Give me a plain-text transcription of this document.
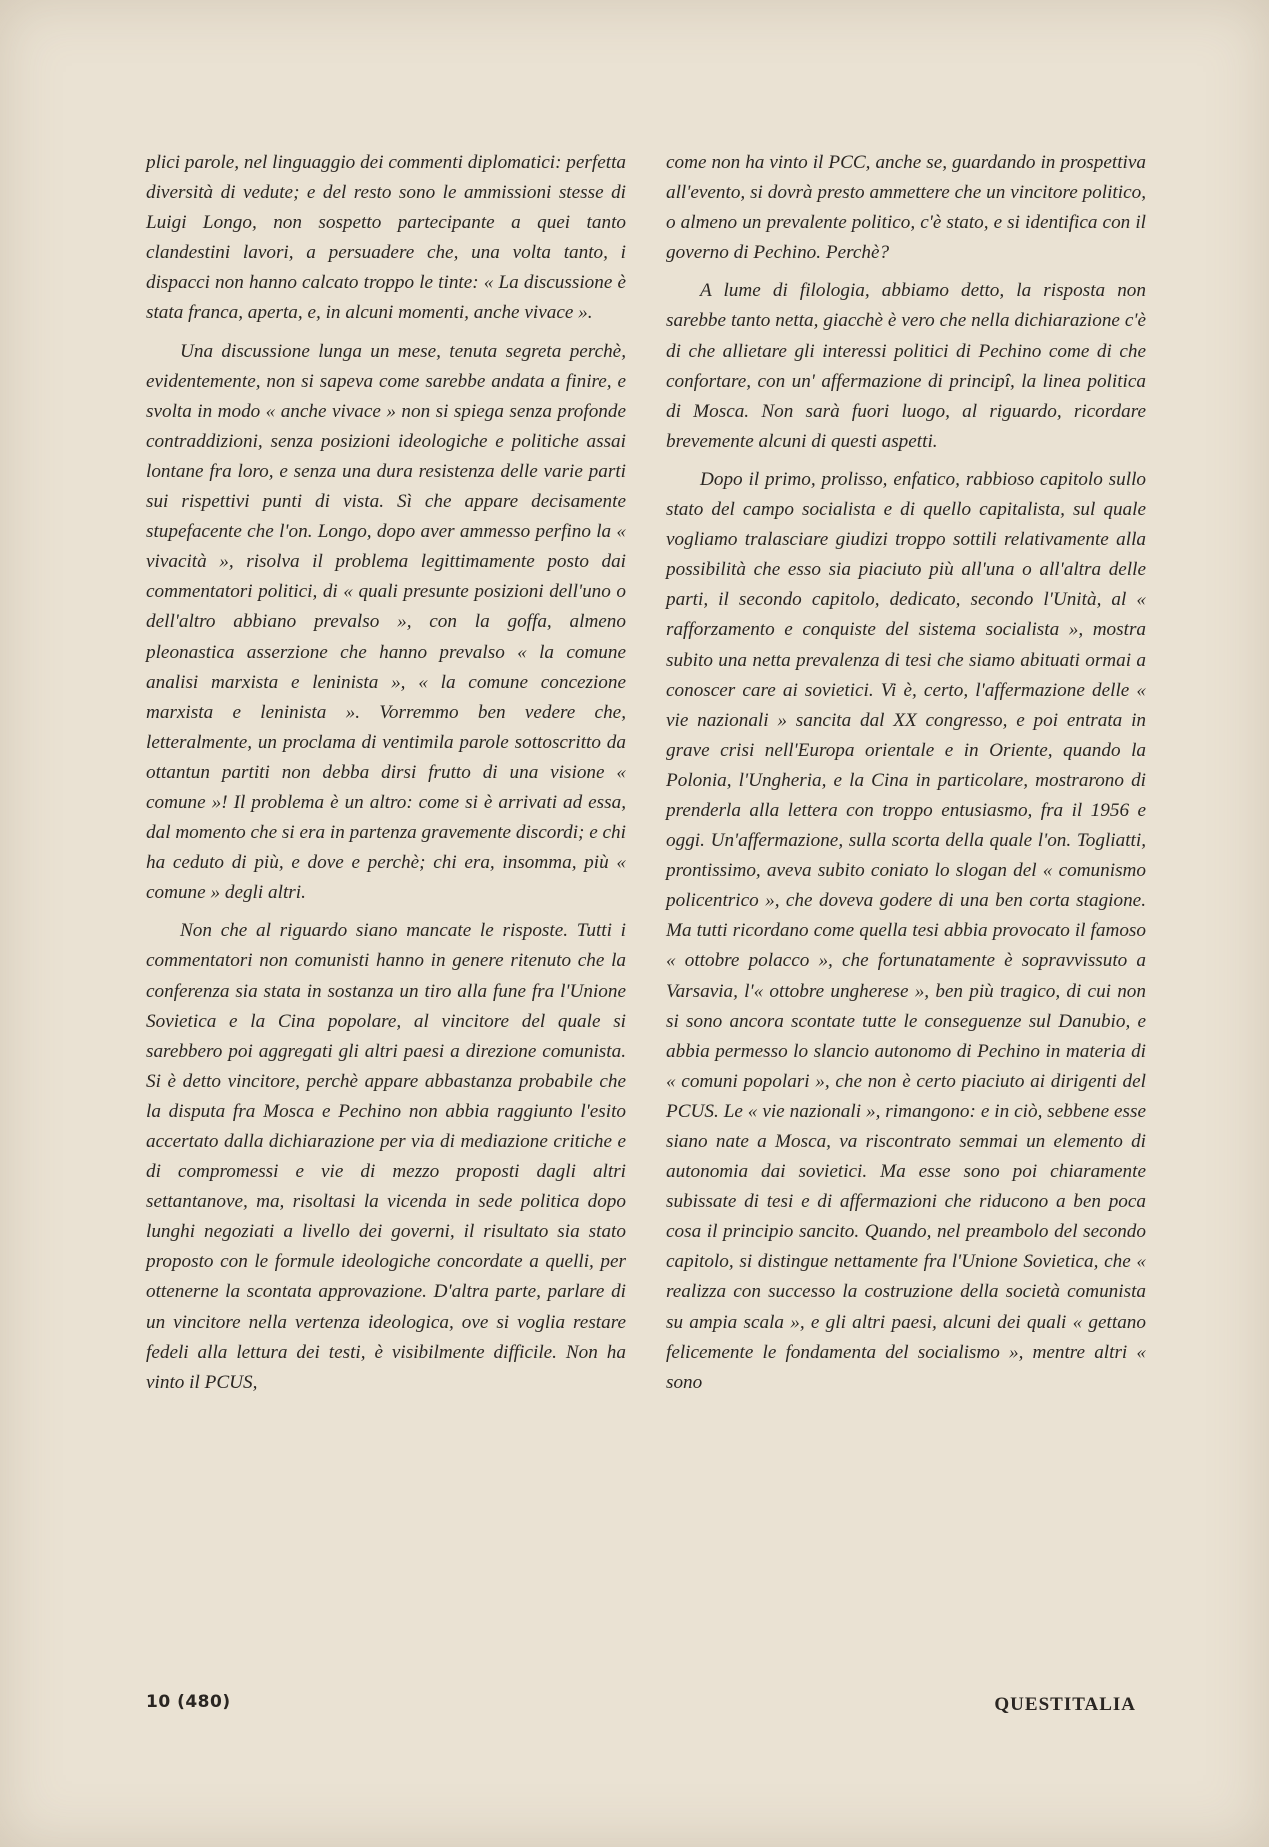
plici parole, nel linguaggio dei commenti diplomatici: perfetta diversità di vedute; e del resto sono le ammissioni stesse di Luigi Longo, non sospetto partecipante a quei tanto clandestini lavori, a persuadere che, una volta tanto, i dispacci non hanno calcato troppo le tinte: « La discussione è stata franca, aperta, e, in alcuni momenti, anche vivace ».

Una discussione lunga un mese, tenuta segreta perchè, evidentemente, non si sapeva come sarebbe andata a finire, e svolta in modo « anche vivace » non si spiega senza profonde contraddizioni, senza posizioni ideologiche e politiche assai lontane fra loro, e senza una dura resistenza delle varie parti sui rispettivi punti di vista. Sì che appare decisamente stupefacente che l'on. Longo, dopo aver ammesso perfino la « vivacità », risolva il problema legittimamente posto dai commentatori politici, di « quali presunte posizioni dell'uno o dell'altro abbiano prevalso », con la goffa, almeno pleonastica asserzione che hanno prevalso « la comune analisi marxista e leninista », « la comune concezione marxista e leninista ». Vorremmo ben vedere che, letteralmente, un proclama di ventimila parole sottoscritto da ottantun partiti non debba dirsi frutto di una visione « comune »! Il problema è un altro: come si è arrivati ad essa, dal momento che si era in partenza gravemente discordi; e chi ha ceduto di più, e dove e perchè; chi era, insomma, più « comune » degli altri.

Non che al riguardo siano mancate le risposte. Tutti i commentatori non comunisti hanno in genere ritenuto che la conferenza sia stata in sostanza un tiro alla fune fra l'Unione Sovietica e la Cina popolare, al vincitore del quale si sarebbero poi aggregati gli altri paesi a direzione comunista. Si è detto vincitore, perchè appare abbastanza probabile che la disputa fra Mosca e Pechino non abbia raggiunto l'esito accertato dalla dichiarazione per via di mediazione critiche e di compromessi e vie di mezzo proposti dagli altri settantanove, ma, risoltasi la vicenda in sede politica dopo lunghi negoziati a livello dei governi, il risultato sia stato proposto con le formule ideologiche concordate a quelli, per ottenerne la scontata approvazione. D'altra parte, parlare di un vincitore nella vertenza ideologica, ove si voglia restare fedeli alla lettura dei testi, è visibilmente difficile. Non ha vinto il PCUS,

come non ha vinto il PCC, anche se, guardando in prospettiva all'evento, si dovrà presto ammettere che un vincitore politico, o almeno un prevalente politico, c'è stato, e si identifica con il governo di Pechino. Perchè?

A lume di filologia, abbiamo detto, la risposta non sarebbe tanto netta, giacchè è vero che nella dichiarazione c'è di che allietare gli interessi politici di Pechino come di che confortare, con un' affermazione di principî, la linea politica di Mosca. Non sarà fuori luogo, al riguardo, ricordare brevemente alcuni di questi aspetti.

Dopo il primo, prolisso, enfatico, rabbioso capitolo sullo stato del campo socialista e di quello capitalista, sul quale vogliamo tralasciare giudizi troppo sottili relativamente alla possibilità che esso sia piaciuto più all'una o all'altra delle parti, il secondo capitolo, dedicato, secondo l'Unità, al « rafforzamento e conquiste del sistema socialista », mostra subito una netta prevalenza di tesi che siamo abituati ormai a conoscer care ai sovietici. Vi è, certo, l'affermazione delle « vie nazionali » sancita dal XX congresso, e poi entrata in grave crisi nell'Europa orientale e in Oriente, quando la Polonia, l'Ungheria, e la Cina in particolare, mostrarono di prenderla alla lettera con troppo entusiasmo, fra il 1956 e oggi. Un'affermazione, sulla scorta della quale l'on. Togliatti, prontissimo, aveva subito coniato lo slogan del « comunismo policentrico », che doveva godere di una ben corta stagione. Ma tutti ricordano come quella tesi abbia provocato il famoso « ottobre polacco », che fortunatamente è sopravvissuto a Varsavia, l'« ottobre ungherese », ben più tragico, di cui non si sono ancora scontate tutte le conseguenze sul Danubio, e abbia permesso lo slancio autonomo di Pechino in materia di « comuni popolari », che non è certo piaciuto ai dirigenti del PCUS. Le « vie nazionali », rimangono: e in ciò, sebbene esse siano nate a Mosca, va riscontrato semmai un elemento di autonomia dai sovietici. Ma esse sono poi chiaramente subissate di tesi e di affermazioni che riducono a ben poca cosa il principio sancito. Quando, nel preambolo del secondo capitolo, si distingue nettamente fra l'Unione Sovietica, che « realizza con successo la costruzione della società comunista su ampia scala », e gli altri paesi, alcuni dei quali « gettano felicemente le fondamenta del socialismo », mentre altri « sono

10 (480)	QUESTITALIA
